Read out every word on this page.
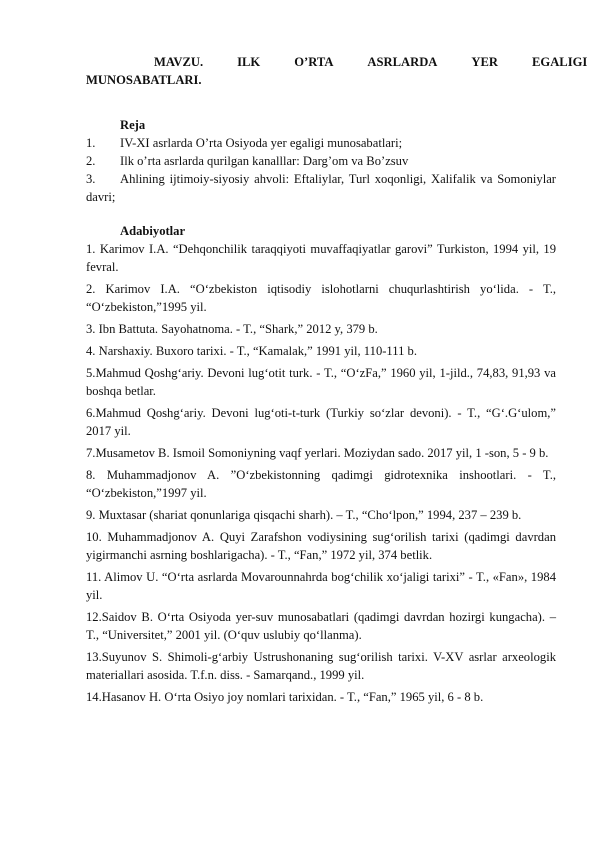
MAVZU.	ILK	O’RTA	ASRLARDA	YER	EGALIGI
MUNOSABATLARI.
Reja
1. IV-XI asrlarda O’rta Osiyoda yer egaligi munosabatlari;
2. Ilk o’rta asrlarda qurilgan kanalllar: Darg’om va Bo’zsuv
3. Ahlining ijtimoiy-siyosiy ahvoli: Eftaliylar, Turl xoqonligi, Xalifalik va Somoniylar davri;
Adabiyotlar
1. Karimov I.A. “Dehqonchilik taraqqiyoti muvaffaqiyatlar garovi” Turkiston, 1994 yil, 19 fevral.
2. Karimov I.A. “O‘zbekiston iqtisodiy islohotlarni chuqurlashtirish yo‘lida. - T., “O‘zbekiston,”1995 yil.
3. Ibn Battuta. Sayohatnoma. - T., “Shark,” 2012 y, 379 b.
4. Narshaxiy. Buxoro tarixi. - T., “Kamalak,” 1991 yil, 110-111 b.
5.Mahmud Qoshg‘ariy. Devoni lug‘otit turk. - T., “O‘zFa,” 1960 yil, 1-jild., 74,83, 91,93 va boshqa betlar.
6.Mahmud Qoshg‘ariy. Devoni lug‘oti-t-turk (Turkiy so‘zlar devoni). - T., “G‘.G‘ulom,” 2017 yil.
7.Musametov B. Ismoil Somoniyning vaqf yerlari. Moziydan sado. 2017 yil, 1 -son, 5 - 9 b.
8. Muhammadjonov A. ”O‘zbekistonning qadimgi gidrotexnika inshootlari. - T., “O‘zbekiston,”1997 yil.
9. Muxtasar (shariat qonunlariga qisqachi sharh). – T., “Cho‘lpon,” 1994, 237 – 239 b.
10. Muhammadjonov A. Quyi Zarafshon vodiysining sug‘orilish tarixi (qadimgi davrdan yigirmanchi asrning boshlarigacha). - T., “Fan,” 1972 yil, 374 betlik.
11. Alimov U. “O‘rta asrlarda Movarounnahrda bog‘chilik xo‘jaligi tarixi” - T., «Fan», 1984 yil.
12.Saidov B. O‘rta Osiyoda yer-suv munosabatlari (qadimgi davrdan hozirgi kungacha). – T., “Universitet,” 2001 yil. (O‘quv uslubiy qo‘llanma).
13.Suyunov S. Shimoli-g‘arbiy Ustrushonaning sug‘orilish tarixi. V-XV asrlar arxeologik materiallari asosida. T.f.n. diss. - Samarqand., 1999 yil.
14.Hasanov H. O‘rta Osiyo joy nomlari tarixidan. - T., “Fan,” 1965 yil, 6 - 8 b.
